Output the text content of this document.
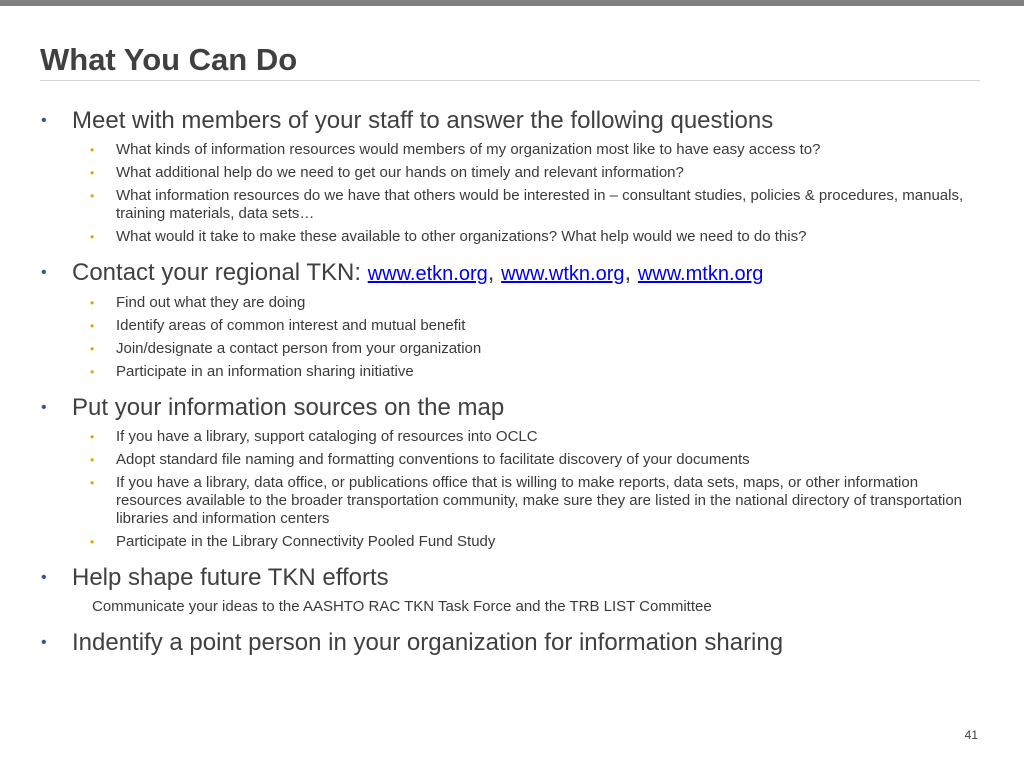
What You Can Do
• Meet with members of your staff to answer the following questions
• What kinds of information resources would members of my organization most like to have easy access to?
• What additional help do we need to get our hands on timely and relevant information?
• What information resources do we have that others would be interested in – consultant studies, policies & procedures, manuals, training materials, data sets…
• What would it take to make these available to other organizations? What help would we need to do this?
• Contact your regional TKN: www.etkn.org, www.wtkn.org, www.mtkn.org
• Find out what they are doing
• Identify areas of common interest and mutual benefit
• Join/designate a contact person from your organization
• Participate in an information sharing initiative
• Put your information sources on the map
• If you have a library, support cataloging of resources into OCLC
• Adopt standard file naming and formatting conventions to facilitate discovery of your documents
• If you have a library, data office, or publications office that is willing to make reports, data sets, maps, or other information resources available to the broader transportation community, make sure they are listed in the national directory of transportation libraries and information centers
• Participate in the Library Connectivity Pooled Fund Study
• Help shape future TKN efforts
Communicate your ideas to the AASHTO RAC TKN Task Force and the TRB LIST Committee
• Indentify a point person in your organization for information sharing
41
